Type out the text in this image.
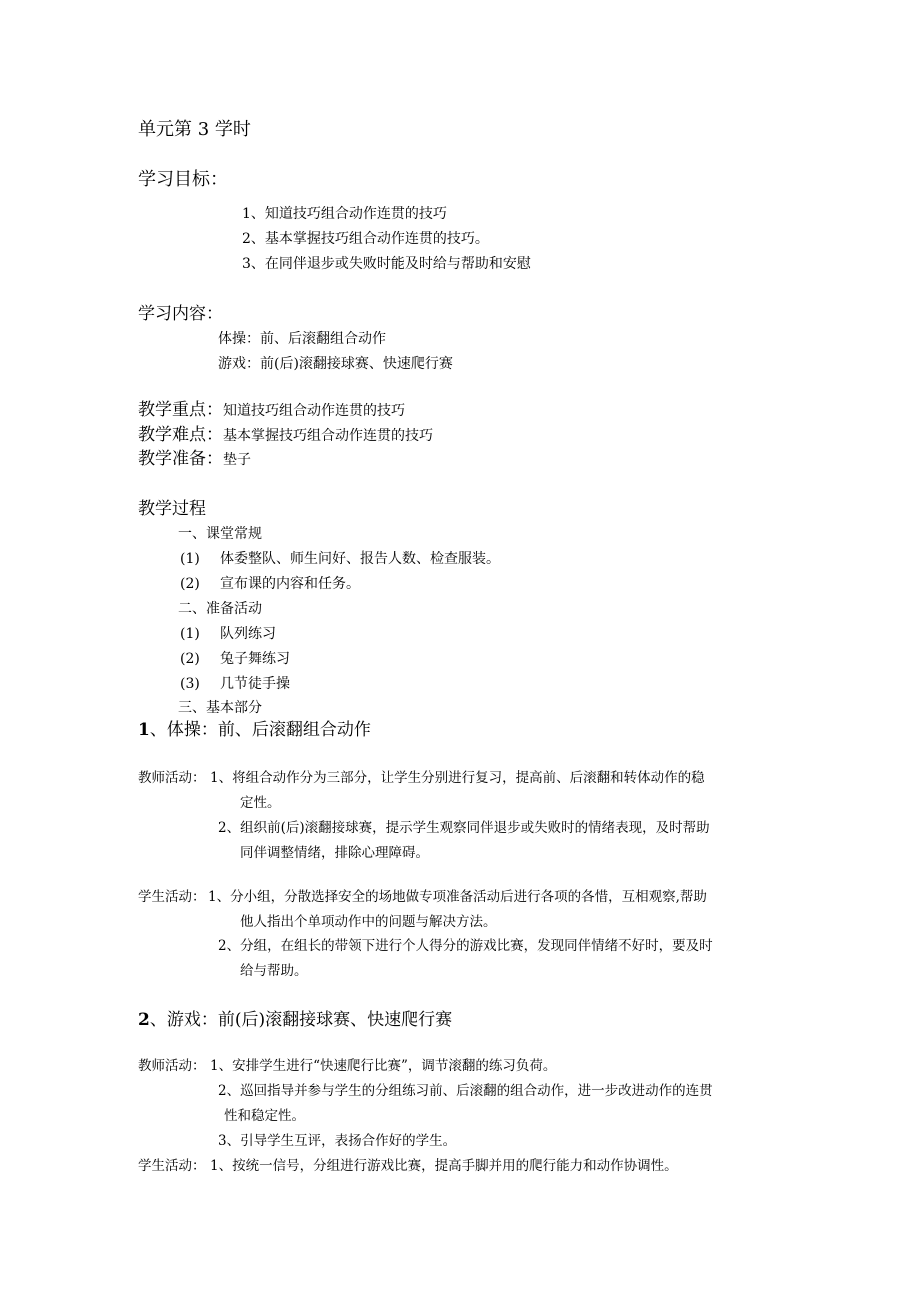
单元第 3 学时
学习目标：
1、知道技巧组合动作连贯的技巧
2、基本掌握技巧组合动作连贯的技巧。
3、在同伴退步或失败时能及时给与帮助和安慰
学习内容：
体操：前、后滚翻组合动作
游戏：前(后)滚翻接球赛、快速爬行赛
教学重点：知道技巧组合动作连贯的技巧
教学难点：基本掌握技巧组合动作连贯的技巧
教学准备：垫子
教学过程
一、课堂常规
(1) 体委整队、师生问好、报告人数、检查服装。
(2) 宣布课的内容和任务。
二、准备活动
(1) 队列练习
(2) 兔子舞练习
(3) 几节徒手操
三、基本部分
1、体操：前、后滚翻组合动作
教师活动： 1、将组合动作分为三部分，让学生分别进行复习，提高前、后滚翻和转体动作的稳
定性。
2、组织前(后)滚翻接球赛，提示学生观察同伴退步或失败时的情绪表现，及时帮助
同伴调整情绪，排除心理障碍。
学生活动： 1、分小组，分散选择安全的场地做专项准备活动后进行各项的各惜，互相观察,帮助
他人指出个单项动作中的问题与解决方法。
2、分组，在组长的带领下进行个人得分的游戏比赛，发现同伴情绪不好时，要及时
给与帮助。
2、游戏：前(后)滚翻接球赛、快速爬行赛
教师活动： 1、安排学生进行“快速爬行比赛”，调节滚翻的练习负荷。
2、巡回指导并参与学生的分组练习前、后滚翻的组合动作，进一步改进动作的连贯
性和稳定性。
3、引导学生互评，表扬合作好的学生。
学生活动： 1、按统一信号，分组进行游戏比赛，提高手脚并用的爬行能力和动作协调性。
